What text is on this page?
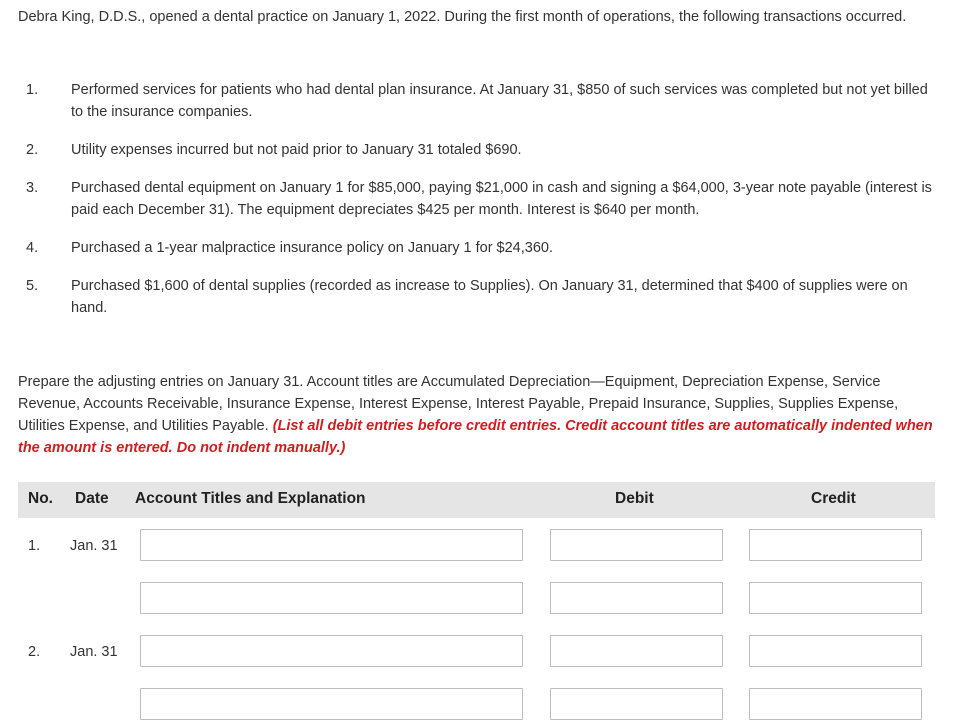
Debra King, D.D.S., opened a dental practice on January 1, 2022. During the first month of operations, the following transactions occurred.
1. Performed services for patients who had dental plan insurance. At January 31, $850 of such services was completed but not yet billed to the insurance companies.
2. Utility expenses incurred but not paid prior to January 31 totaled $690.
3. Purchased dental equipment on January 1 for $85,000, paying $21,000 in cash and signing a $64,000, 3-year note payable (interest is paid each December 31). The equipment depreciates $425 per month. Interest is $640 per month.
4. Purchased a 1-year malpractice insurance policy on January 1 for $24,360.
5. Purchased $1,600 of dental supplies (recorded as increase to Supplies). On January 31, determined that $400 of supplies were on hand.
Prepare the adjusting entries on January 31. Account titles are Accumulated Depreciation—Equipment, Depreciation Expense, Service Revenue, Accounts Receivable, Insurance Expense, Interest Expense, Interest Payable, Prepaid Insurance, Supplies, Supplies Expense, Utilities Expense, and Utilities Payable. (List all debit entries before credit entries. Credit account titles are automatically indented when the amount is entered. Do not indent manually.)
No. Date Account Titles and Explanation	Debit	Credit
1. Jan. 31
2. Jan. 31
